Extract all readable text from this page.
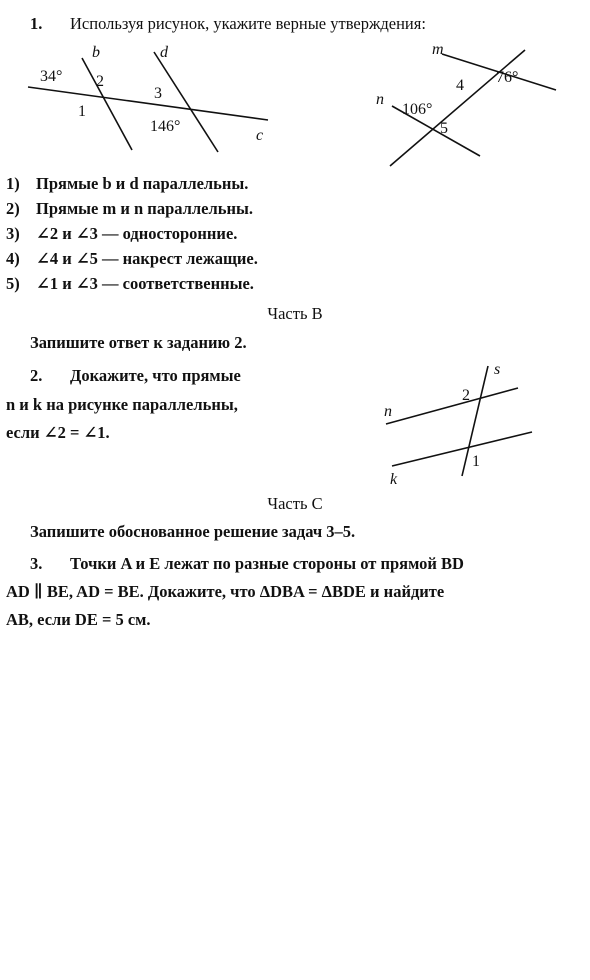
1. Используя рисунок, укажите верные утверждения:
b	d
c
34° 2
1
3
146°
m
n
4 76°
106°
5
1) Прямые b и d параллельны.
2) Прямые m и n параллельны.
3) ∠2 и ∠3 — односторонние.
4) ∠4 и ∠5 — накрест лежащие.
5) ∠1 и ∠3 — соответственные.
Часть B
Запишите ответ к заданию 2.
2. Докажите, что прямые
n и k на рисунке параллельны,
если ∠2 = ∠1.
s
n
k
2
1
Часть C
Запишите обоснованное решение задач 3–5.
3. Точки A и E лежат по разные стороны от прямой BD
AD ∥ BE, AD = BE. Докажите, что ΔDBA = ΔBDE и найдите
AB, если DE = 5 см.
